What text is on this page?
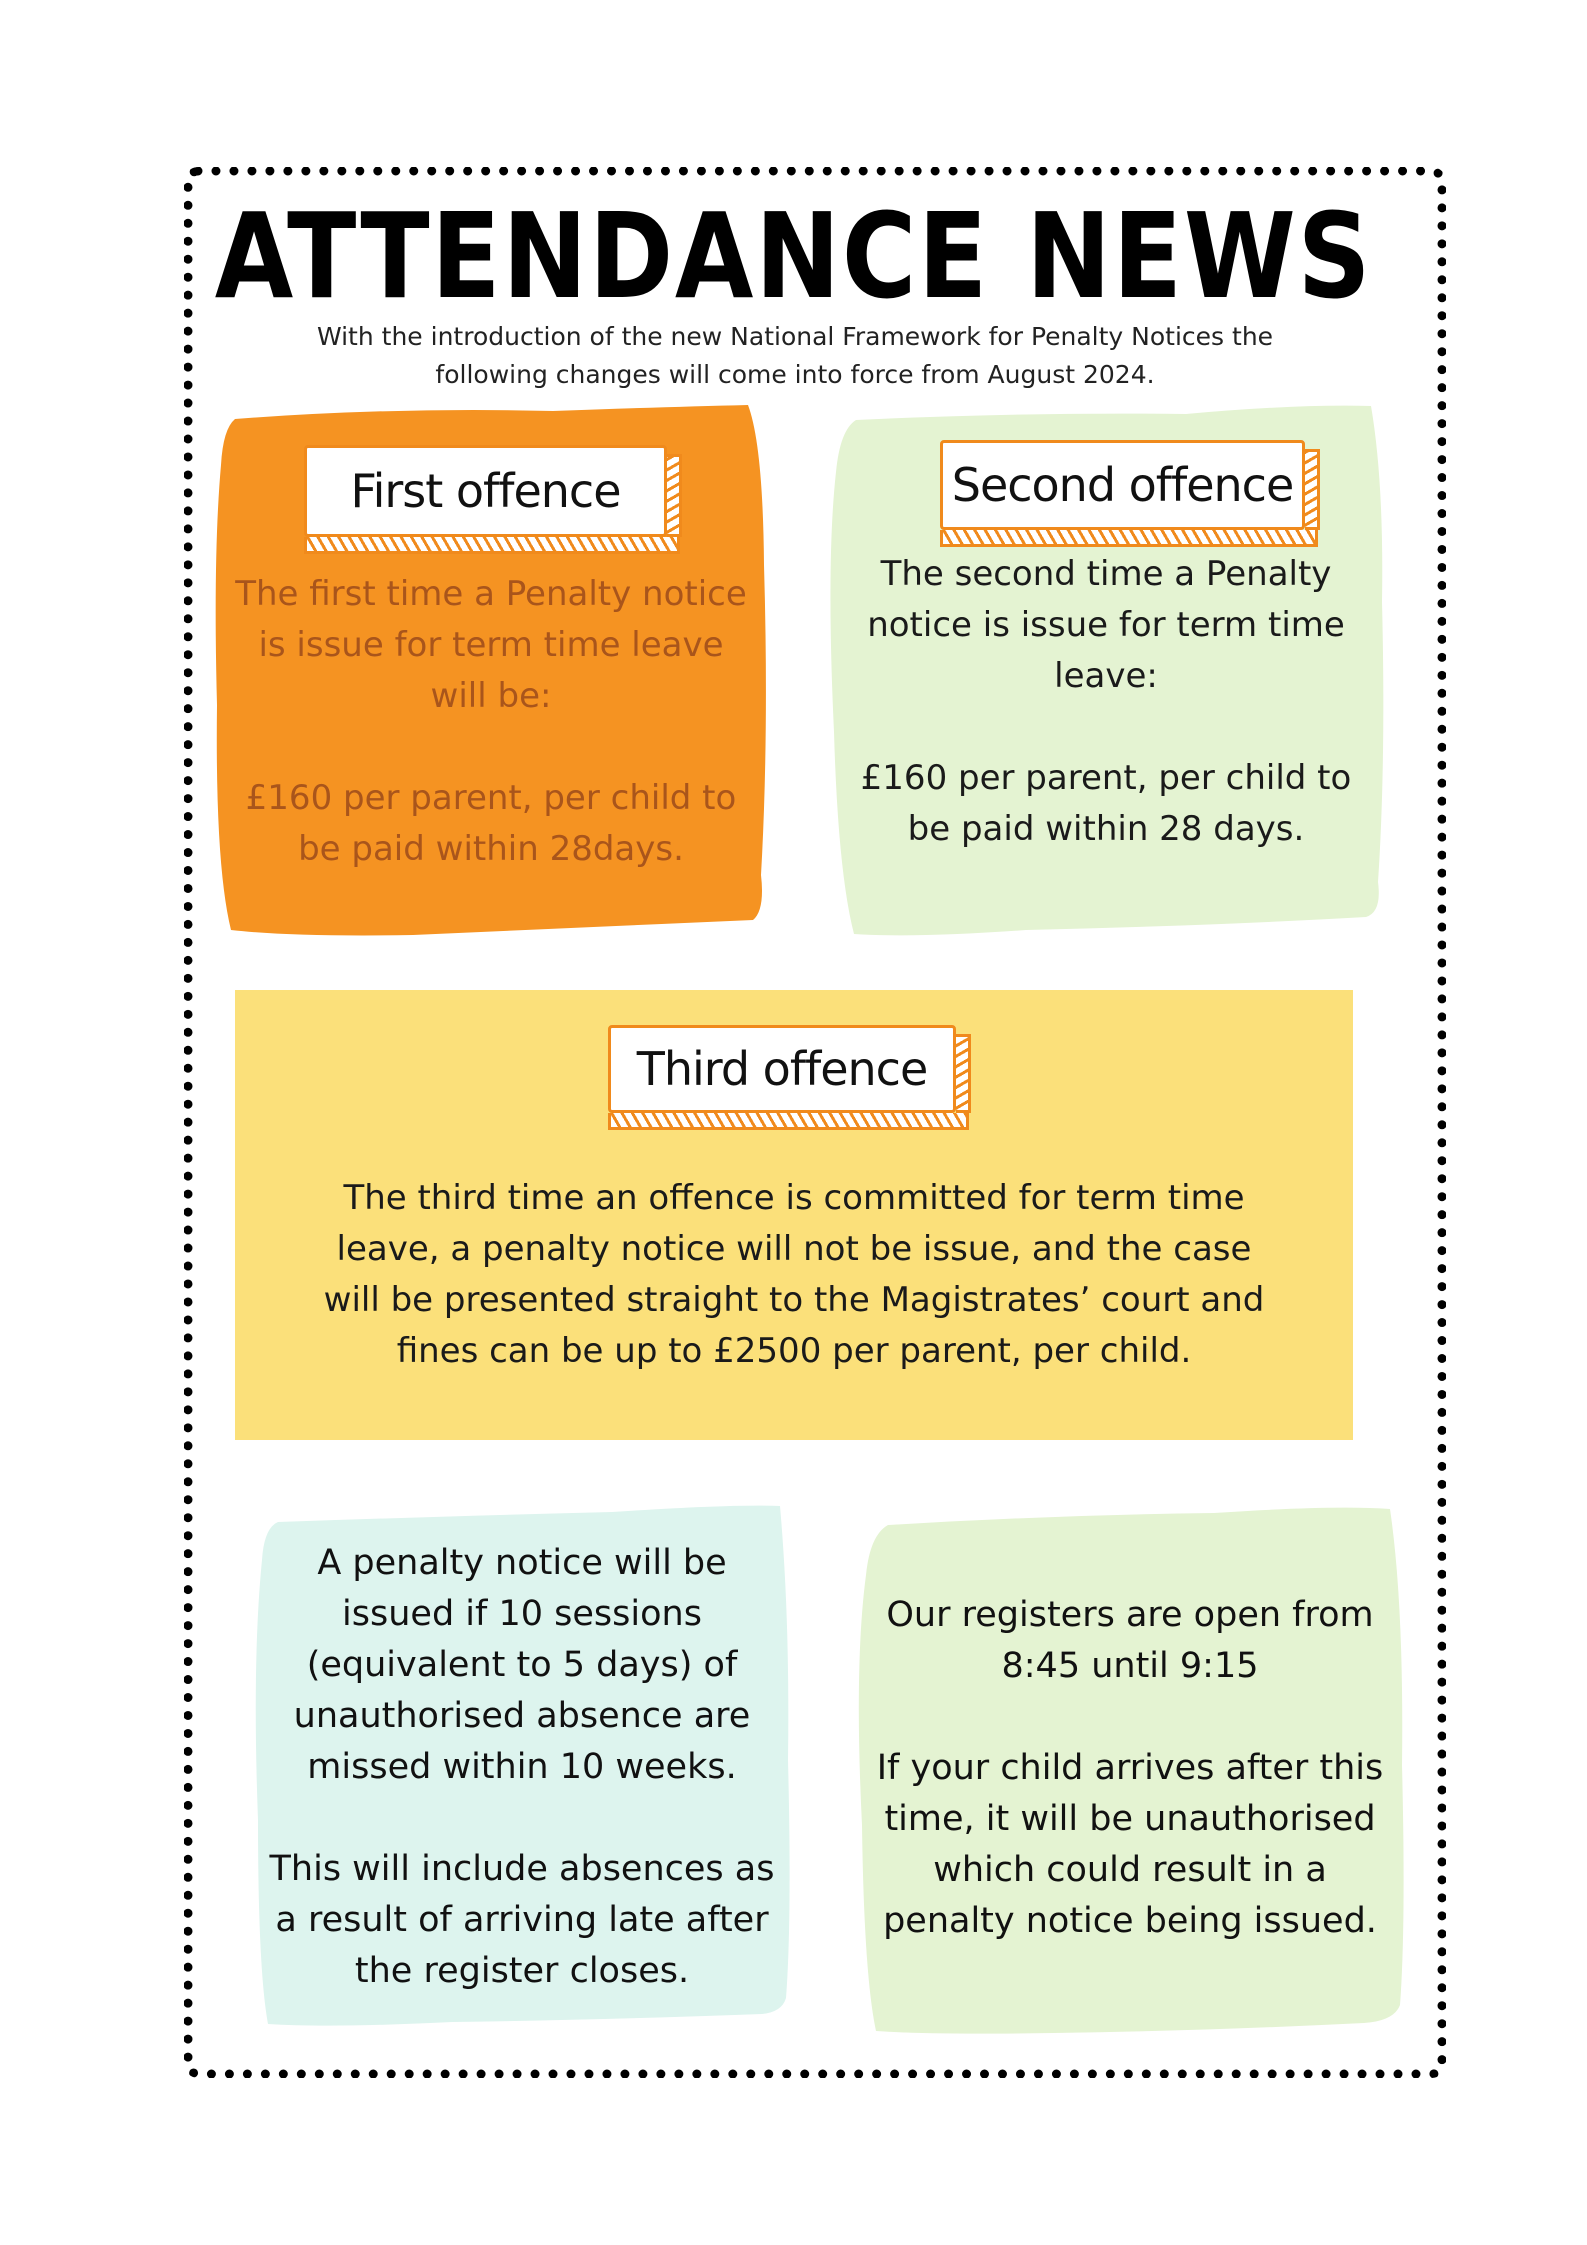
ATTENDANCE NEWS
With the introduction of the new National Framework for Penalty Notices the following changes will come into force from August 2024.
First offence
The first time a Penalty notice is issue for term time leave will be:

£160 per parent, per child to be paid within 28days.
Second offence
The second time a Penalty notice is issue for term time leave:

£160 per parent, per child to be paid within 28 days.
Third offence
The third time an offence is committed for term time leave, a penalty notice will not be issue, and the case will be presented straight to the Magistrates’ court and fines can be up to £2500 per parent, per child.
A penalty notice will be issued if 10 sessions (equivalent to 5 days) of unauthorised absence are missed within 10 weeks.

This will include absences as a result of arriving late after the register closes.
Our registers are open from 8:45 until 9:15

If your child arrives after this time, it will be unauthorised which could result in a penalty notice being issued.
